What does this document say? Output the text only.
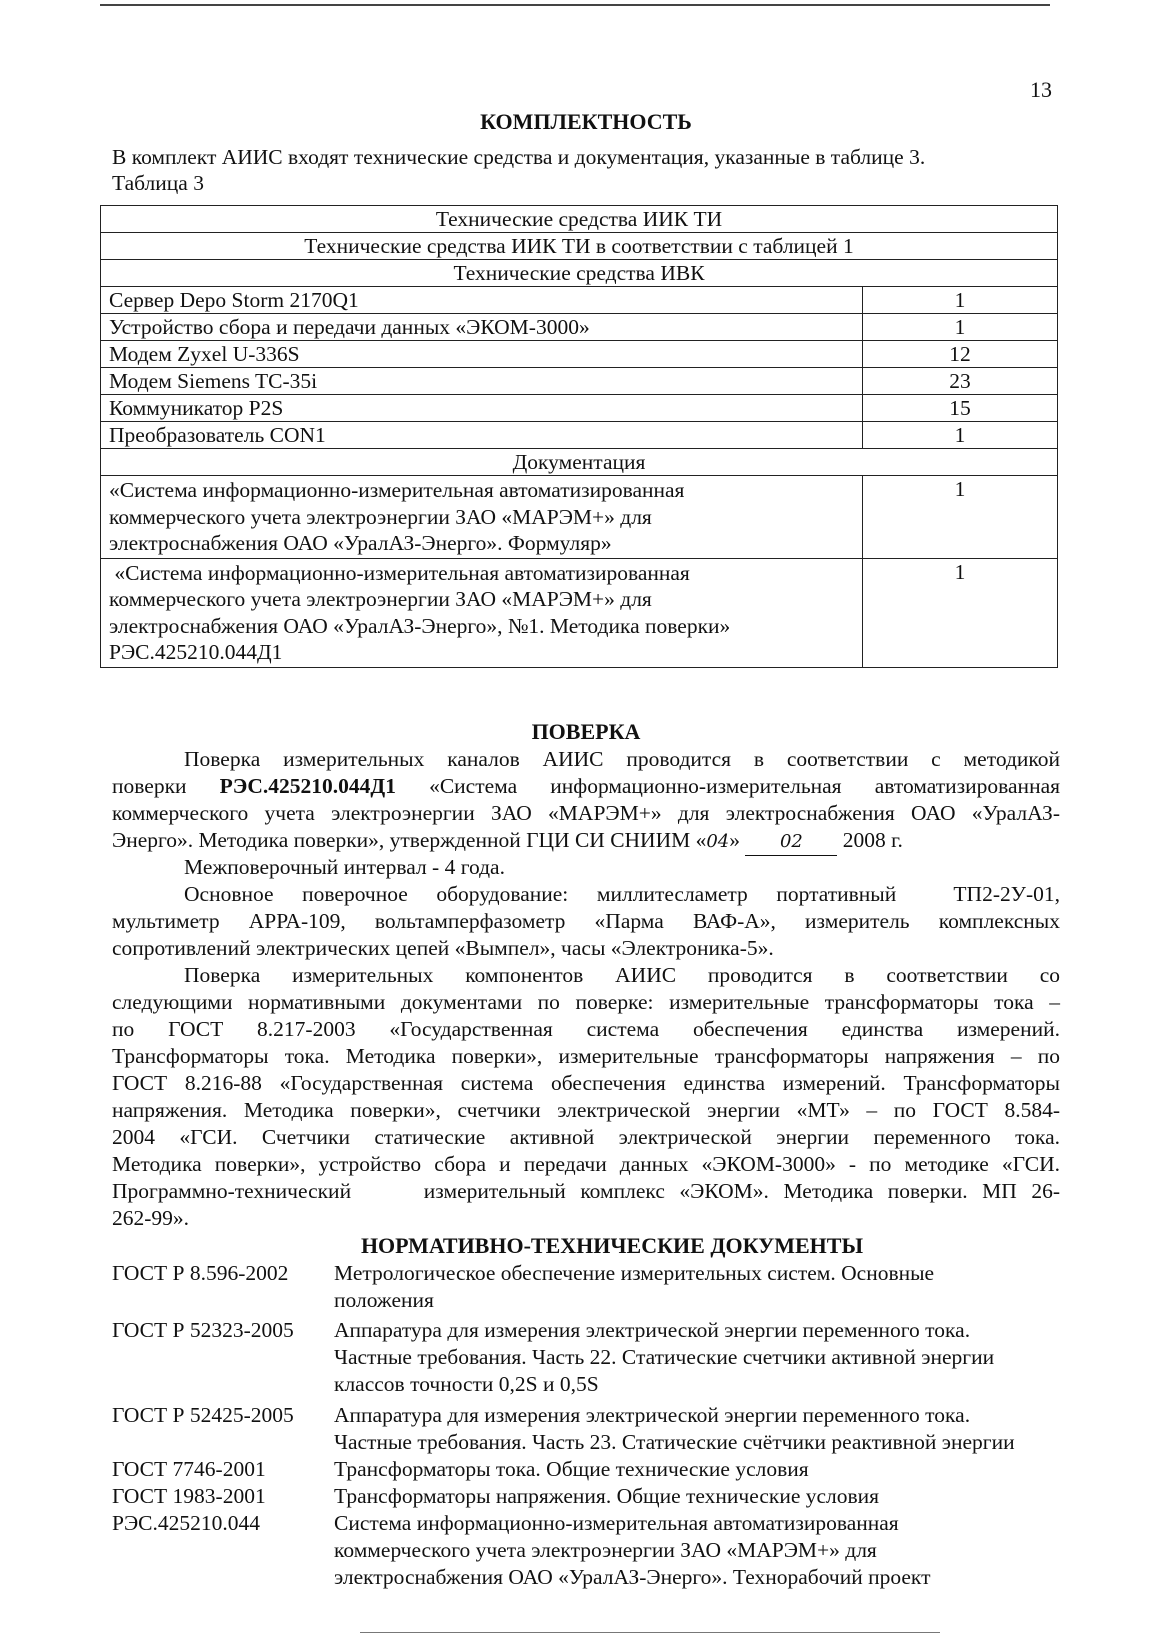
13
КОМПЛЕКТНОСТЬ
В комплект АИИС входят технические средства и документация, указанные в таблице 3.
Таблица 3
Технические средства ИИК ТИ	
Технические средства ИИК ТИ в соответствии с таблицей 1	
Технические средства ИВК	
Сервер Depo Storm 2170Q1	1
Устройство сбора и передачи данных «ЭКОМ-3000»	1
Модем Zyxel U-336S	12
Модем Siemens TC-35i	23
Коммуникатор P2S	15
Преобразователь CON1	1
Документация	

«Система информационно-измерительная автоматизированная
коммерческого учета электроэнергии ЗАО «МАРЭМ+» для
электроснабжения ОАО «УралАЗ-Энерго». Формуляр»	1

«Система информационно-измерительная автоматизированная
коммерческого учета электроэнергии ЗАО «МАРЭМ+» для
электроснабжения ОАО «УралАЗ-Энерго», №1. Методика поверки»
РЭС.425210.044Д1	1
ПОВЕРКА
Поверка измерительных каналов АИИС проводится в соответствии с методикой
поверки РЭС.425210.044Д1 «Система информационно-измерительная автоматизированная
коммерческого учета электроэнергии ЗАО «МАРЭМ+» для электроснабжения ОАО «УралАЗ-
Энерго». Методика поверки», утвержденной ГЦИ СИ СНИИМ «04» 02 2008 г.
Межповерочный интервал - 4 года.
Основное   поверочное   оборудование:   миллитесламетр   портативный      ТП2-2У-01,
мультиметр АРРА-109, вольтамперфазометр «Парма ВАФ-А», измеритель комплексных
сопротивлений электрических цепей «Вымпел», часы «Электроника-5».
Поверка измерительных компонентов АИИС проводится в соответствии со
следующими нормативными документами по поверке: измерительные трансформаторы тока –
по ГОСТ 8.217-2003 «Государственная система обеспечения единства измерений.
Трансформаторы тока. Методика поверки», измерительные трансформаторы напряжения – по
ГОСТ 8.216-88 «Государственная система обеспечения единства измерений. Трансформаторы
напряжения. Методика поверки», счетчики электрической энергии «МТ» – по ГОСТ 8.584-
2004 «ГСИ. Счетчики статические активной электрической энергии переменного тока.
Методика поверки», устройство сбора и передачи данных «ЭКОМ-3000» - по методике «ГСИ.
Программно-технический     измерительный комплекс «ЭКОМ». Методика поверки. МП 26-
262-99».
НОРМАТИВНО-ТЕХНИЧЕСКИЕ ДОКУМЕНТЫ
ГОСТ Р 8.596-2002	Метрологическое обеспечение измерительных систем. Основные
положения
ГОСТ Р 52323-2005	Аппаратура для измерения электрической энергии переменного тока.
Частные требования. Часть 22. Статические счетчики активной энергии
классов точности 0,2S и 0,5S
ГОСТ Р 52425-2005	Аппаратура для измерения электрической энергии переменного тока.
Частные требования. Часть 23. Статические счётчики реактивной энергии
ГОСТ 7746-2001	Трансформаторы тока. Общие технические условия
ГОСТ 1983-2001	Трансформаторы напряжения. Общие технические условия
РЭС.425210.044	Система информационно-измерительная автоматизированная
коммерческого учета электроэнергии ЗАО «МАРЭМ+» для
электроснабжения ОАО «УралАЗ-Энерго». Технорабочий проект
